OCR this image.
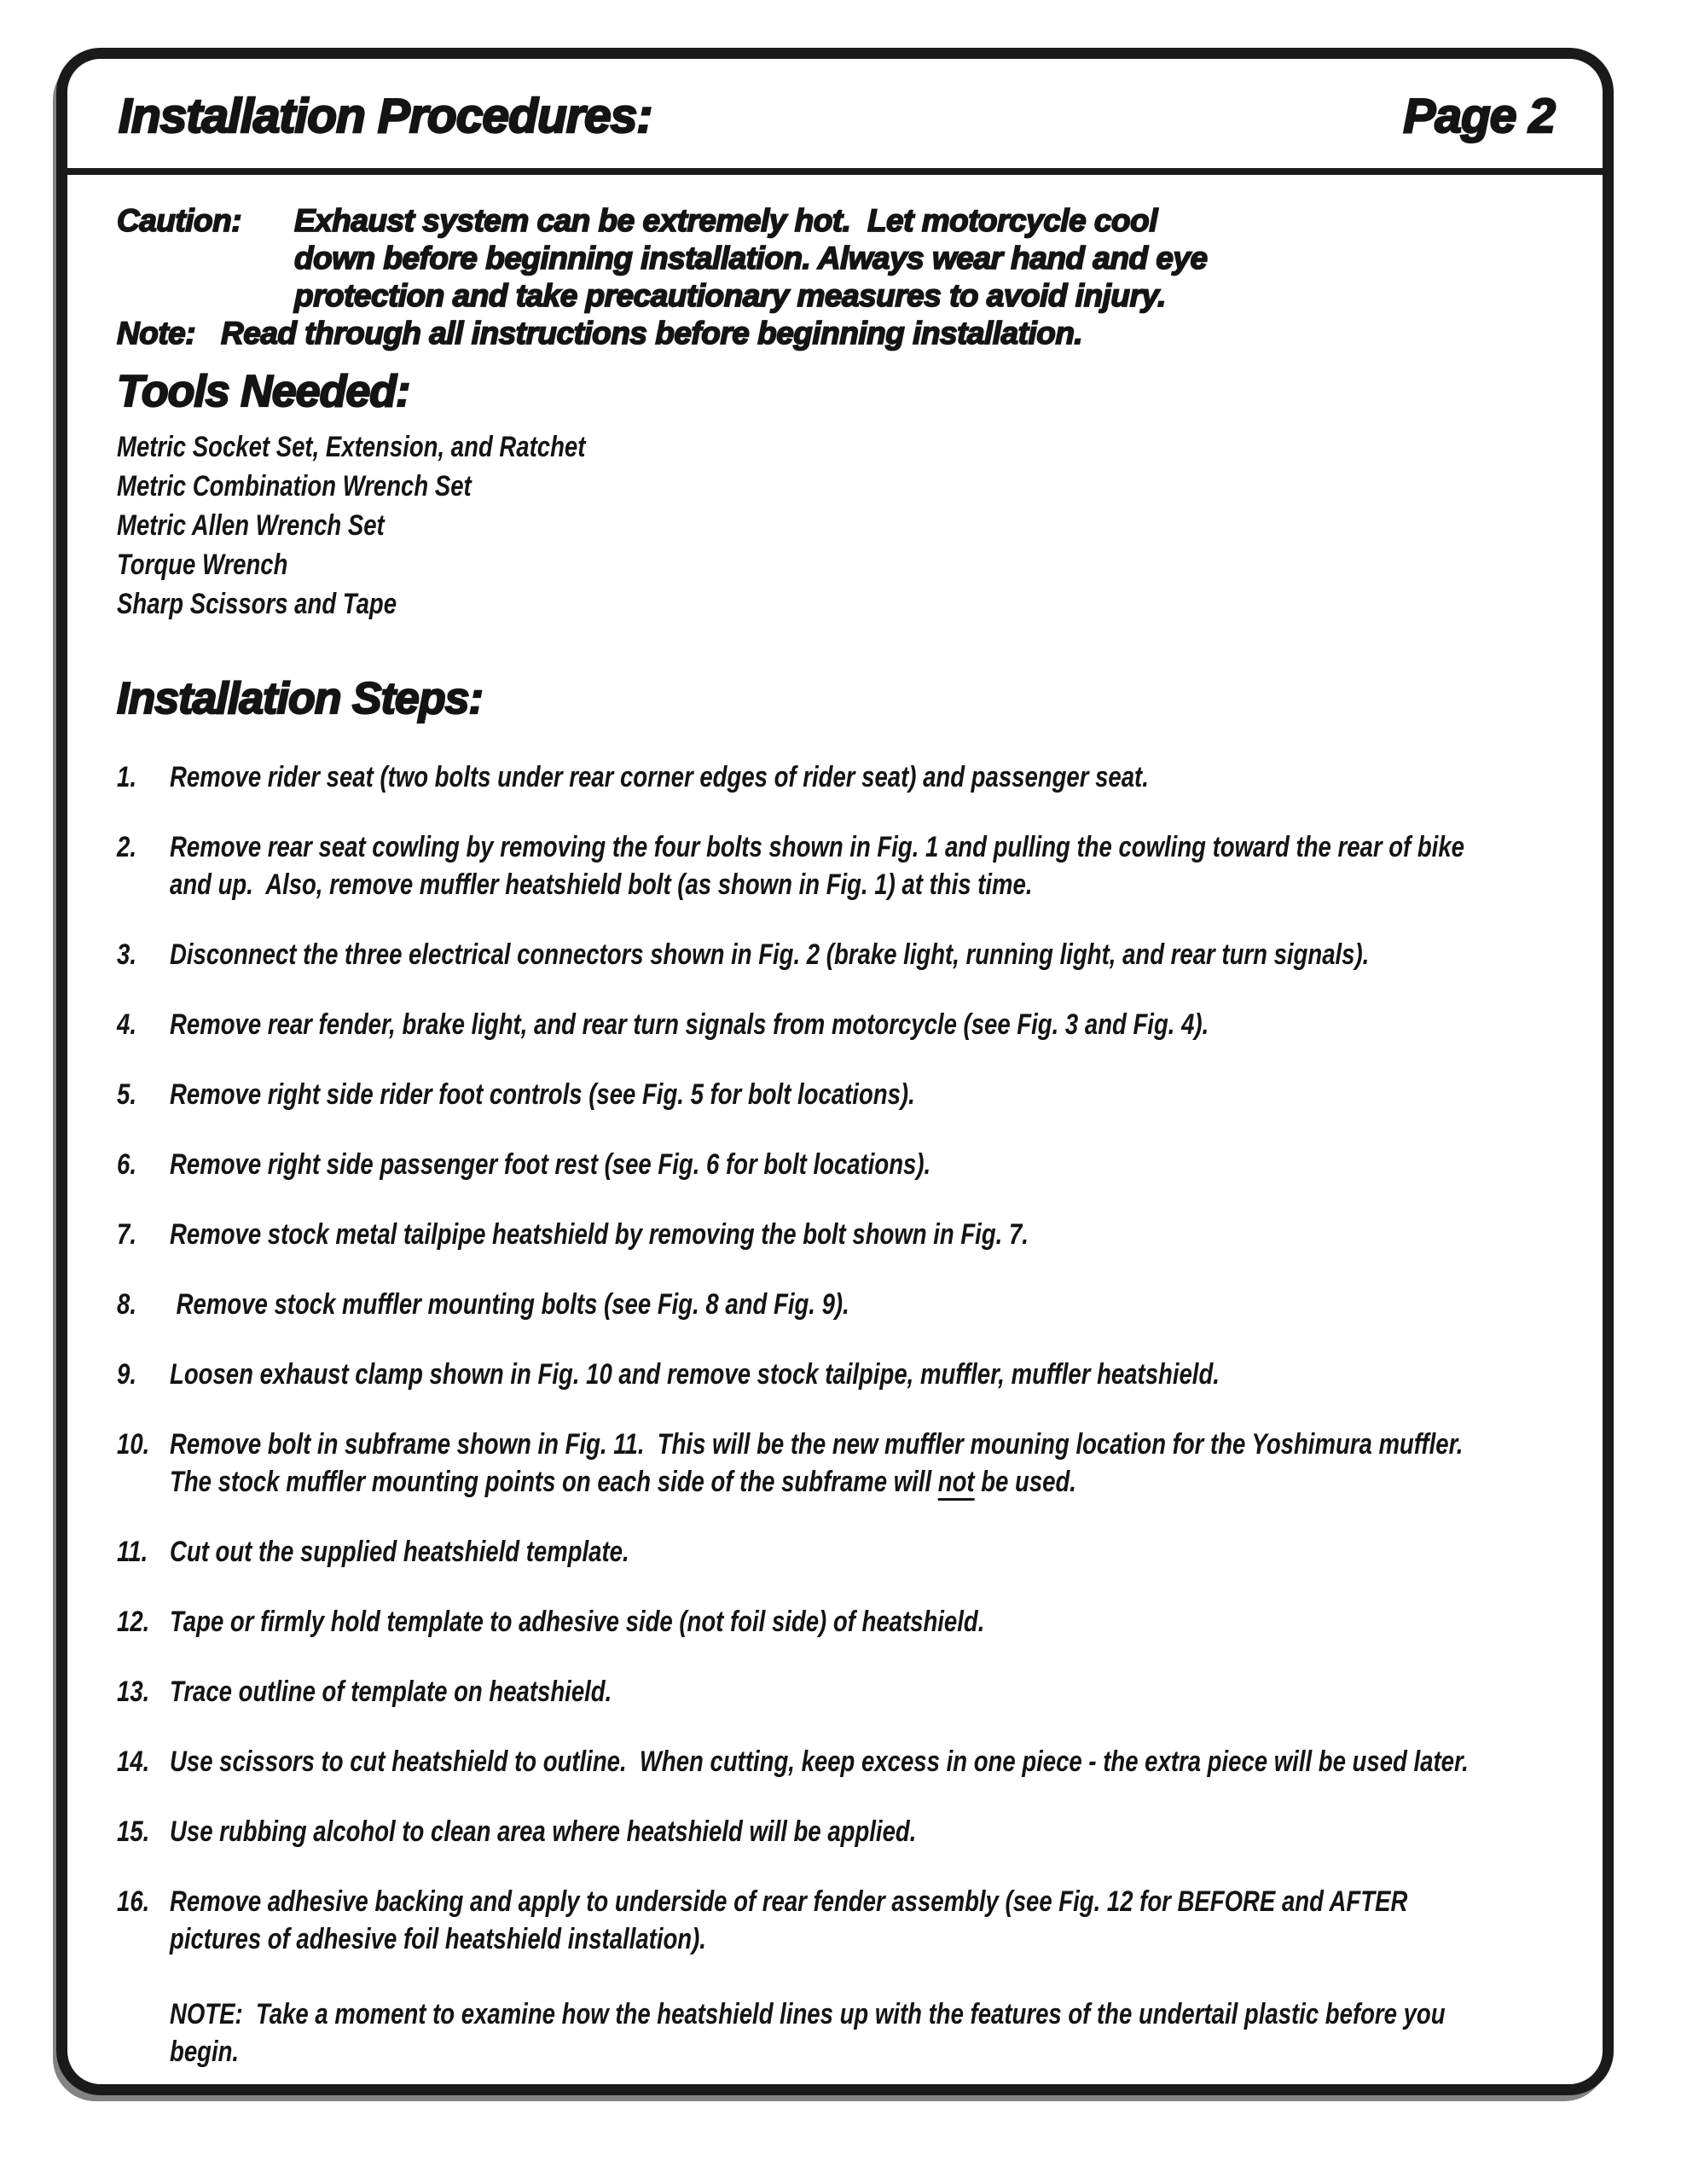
Installation Procedures:	Page 2
Caution: Exhaust system can be extremely hot.  Let motorcycle cool
down before beginning installation. Always wear hand and eye
protection and take precautionary measures to avoid injury.
Note: Read through all instructions before beginning installation.
Tools Needed:
Metric Socket Set, Extension, and Ratchet
Metric Combination Wrench Set
Metric Allen Wrench Set
Torque Wrench
Sharp Scissors and Tape
Installation Steps:
1.	Remove rider seat (two bolts under rear corner edges of rider seat) and passenger seat.
2.	Remove rear seat cowling by removing the four bolts shown in Fig. 1 and pulling the cowling toward the rear of bike
and up.  Also, remove muffler heatshield bolt (as shown in Fig. 1) at this time.
3.	Disconnect the three electrical connectors shown in Fig. 2 (brake light, running light, and rear turn signals).
4.	Remove rear fender, brake light, and rear turn signals from motorcycle (see Fig. 3 and Fig. 4).
5.	Remove right side rider foot controls (see Fig. 5 for bolt locations).
6.	Remove right side passenger foot rest (see Fig. 6 for bolt locations).
7.	Remove stock metal tailpipe heatshield by removing the bolt shown in Fig. 7.
8.	Remove stock muffler mounting bolts (see Fig. 8 and Fig. 9).
9.	Loosen exhaust clamp shown in Fig. 10 and remove stock tailpipe, muffler, muffler heatshield.
10. Remove bolt in subframe shown in Fig. 11.  This will be the new muffler mouning location for the Yoshimura muffler.
The stock muffler mounting points on each side of the subframe will not be used.
11. Cut out the supplied heatshield template.
12. Tape or firmly hold template to adhesive side (not foil side) of heatshield.
13. Trace outline of template on heatshield.
14. Use scissors to cut heatshield to outline.  When cutting, keep excess in one piece - the extra piece will be used later.
15. Use rubbing alcohol to clean area where heatshield will be applied.
16. Remove adhesive backing and apply to underside of rear fender assembly (see Fig. 12 for BEFORE and AFTER
pictures of adhesive foil heatshield installation).
NOTE:  Take a moment to examine how the heatshield lines up with the features of the undertail plastic before you
begin.
